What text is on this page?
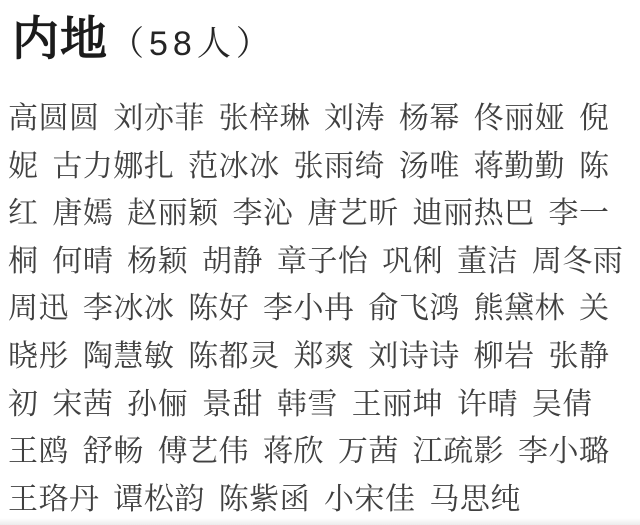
内地（58人）
高圆圆 刘亦菲 张梓琳 刘涛 杨幂 佟丽娅 倪
妮 古力娜扎 范冰冰 张雨绮 汤唯 蒋勤勤 陈
红 唐嫣 赵丽颖 李沁 唐艺昕 迪丽热巴 李一
桐 何晴 杨颖 胡静 章子怡 巩俐 董洁 周冬雨
周迅 李冰冰 陈好 李小冉 俞飞鸿 熊黛林 关
晓彤 陶慧敏 陈都灵 郑爽 刘诗诗 柳岩 张静
初 宋茜 孙俪 景甜 韩雪 王丽坤 许晴 吴倩
王鸥 舒畅 傅艺伟 蒋欣 万茜 江疏影 李小璐
王珞丹 谭松韵 陈紫函 小宋佳 马思纯
